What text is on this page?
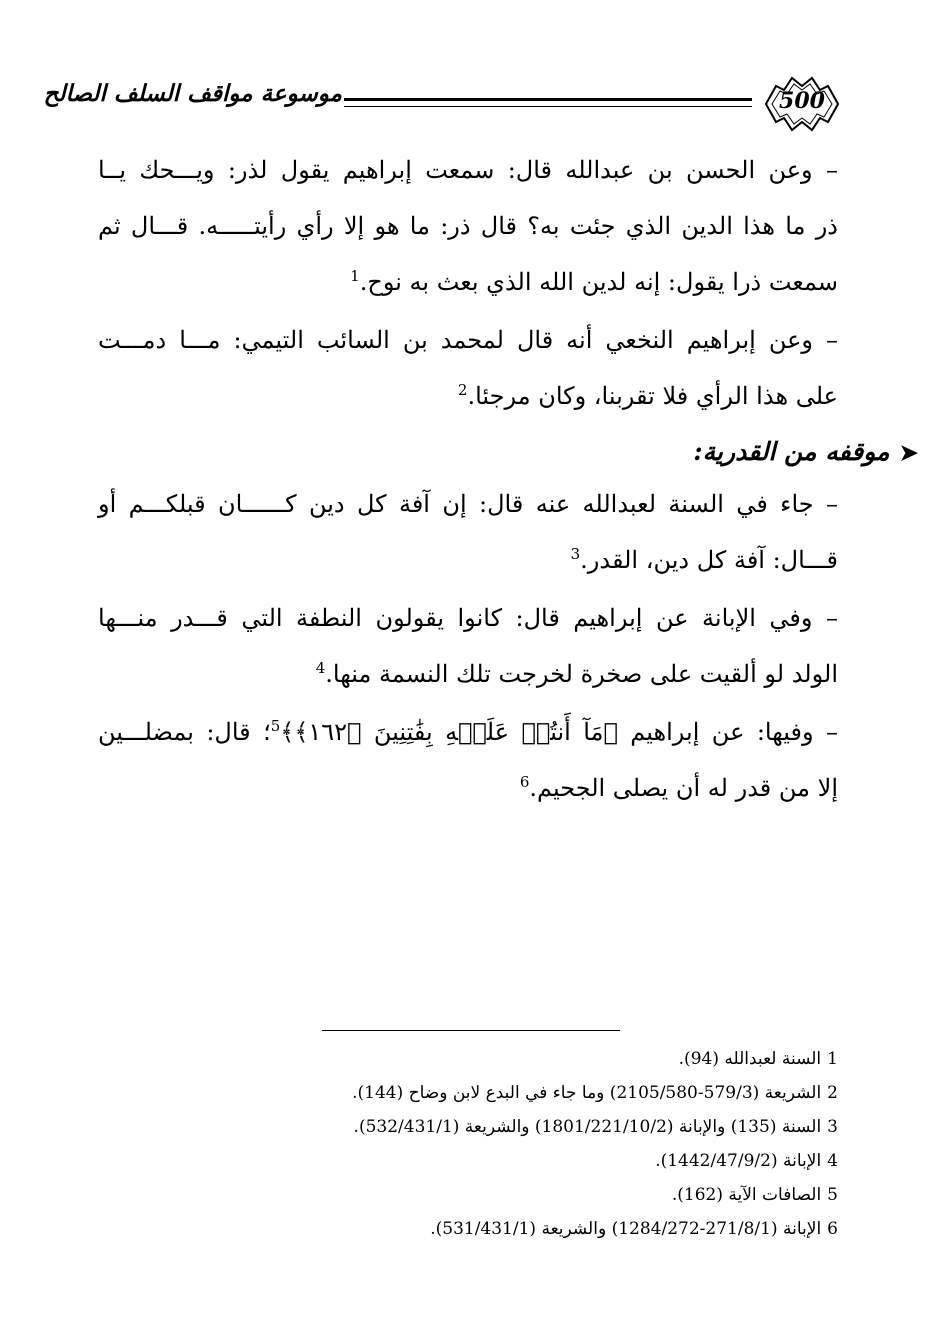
موسوعة مواقف السلف الصالح	500
– وعن الحسن بن عبدالله قال: سمعت إبراهيم يقول لذر: ويـــحك يــا
ذر ما هذا الدين الذي جئت به؟ قال ذر: ما هو إلا رأي رأيتـــــه. قـــال ثم
سمعت ذرا يقول: إنه لدين الله الذي بعث به نوح.$^1$
– وعن إبراهيم النخعي أنه قال لمحمد بن السائب التيمي: مـــا دمـــت
على هذا الرأي فلا تقربنا، وكان مرجئا.$^2$
– جاء في السنة لعبدالله عنه قال: إن آفة كل دين كــــــان قبلكـــم أو
قـــال: آفة كل دين، القدر.$^3$
– وفي الإبانة عن إبراهيم قال: كانوا يقولون النطفة التي قـــدر منـــها
الولد لو ألقيت على صخرة لخرجت تلك النسمة منها.$^4$
– وفيها: عن إبراهيم ﴿مَآ أَنتُمۡ عَلَيۡهِ بِفَٰتِنِينَ ﴿١٦٢﴾﴾$^5$؛ قال: بمضلـــين
إلا من قدر له أن يصلى الجحيم.$^6$
➤موقفه من القدرية:
1السنة لعبدالله (94).
2الشريعة (579/3-2105/580) وما جاء في البدع لابن وضاح (144).
3السنة (135) والإبانة (1801/221/10/2) والشريعة (532/431/1).
4الإبانة (1442/47/9/2).
5الصافات الآية (162).
6الإبانة (271/8/1-1284/272) والشريعة (531/431/1).
